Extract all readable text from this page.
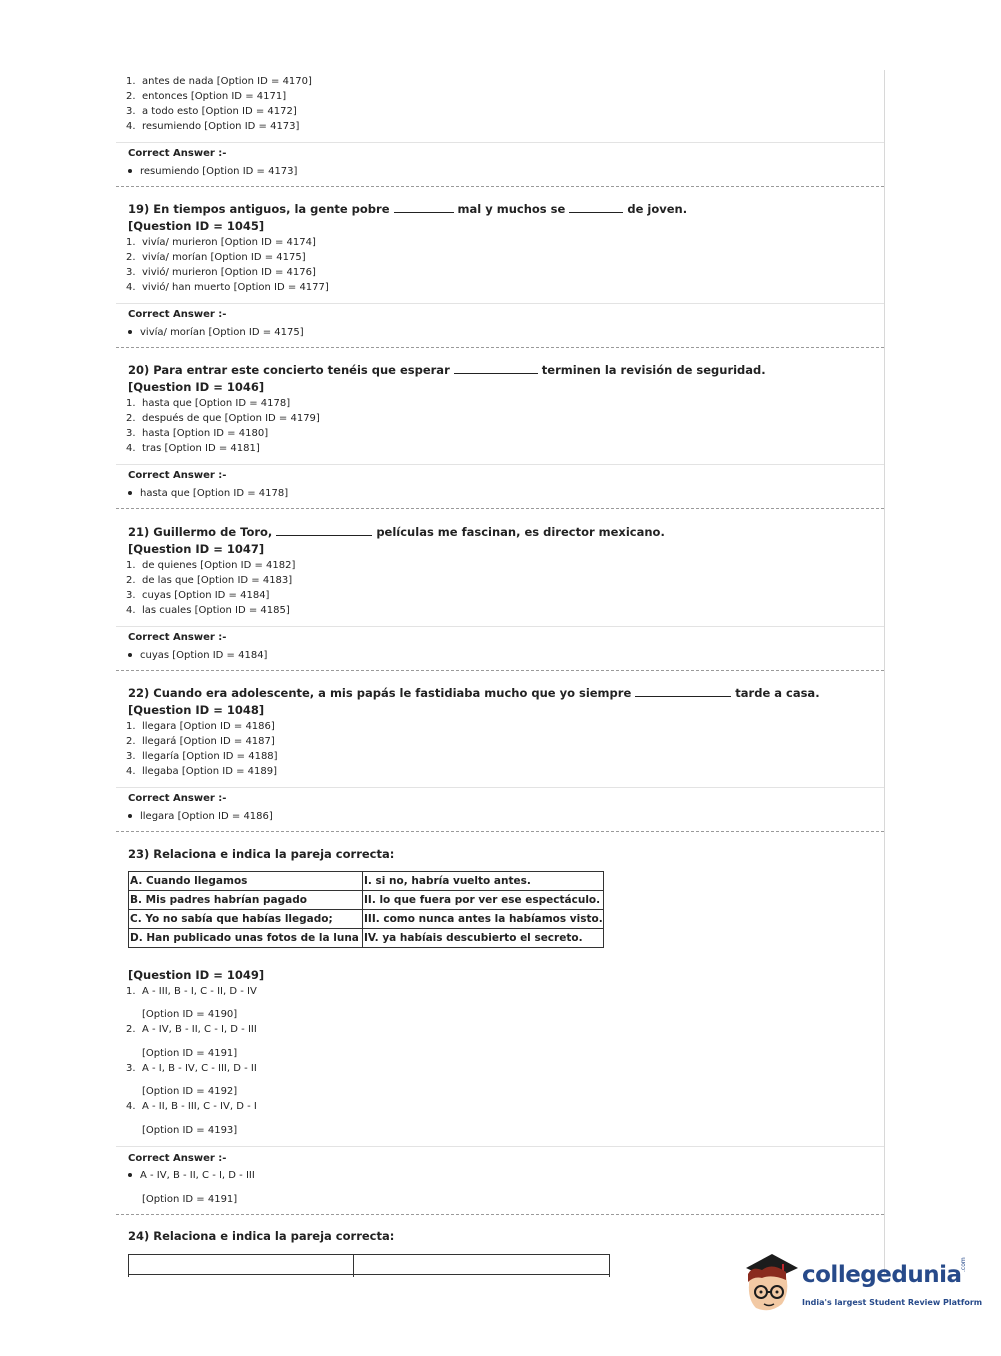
1. antes de nada [Option ID = 4170]
2. entonces [Option ID = 4171]
3. a todo esto [Option ID = 4172]
4. resumiendo [Option ID = 4173]
Correct Answer :-
resumiendo [Option ID = 4173]
19) En tiempos antiguos, la gente pobre	mal y muchos se	de joven.
[Question ID = 1045]
1. vivía/ murieron [Option ID = 4174]
2. vivía/ morían [Option ID = 4175]
3. vivió/ murieron [Option ID = 4176]
4. vivió/ han muerto [Option ID = 4177]
Correct Answer :-
vivía/ morían [Option ID = 4175]
20) Para entrar este concierto tenéis que esperar	terminen la revisión de seguridad.
[Question ID = 1046]
1. hasta que [Option ID = 4178]
2. después de que [Option ID = 4179]
3. hasta [Option ID = 4180]
4. tras [Option ID = 4181]
Correct Answer :-
hasta que [Option ID = 4178]
21) Guillermo de Toro,	películas me fascinan, es director mexicano.
[Question ID = 1047]
1. de quienes [Option ID = 4182]
2. de las que [Option ID = 4183]
3. cuyas [Option ID = 4184]
4. las cuales [Option ID = 4185]
Correct Answer :-
cuyas [Option ID = 4184]
22) Cuando era adolescente, a mis papás le fastidiaba mucho que yo siempre	tarde a casa.
[Question ID = 1048]
1. llegara [Option ID = 4186]
2. llegará [Option ID = 4187]
3. llegaría [Option ID = 4188]
4. llegaba [Option ID = 4189]
Correct Answer :-
llegara [Option ID = 4186]
23) Relaciona e indica la pareja correcta:
A. Cuando llegamos	I. si no, habría vuelto antes.
B. Mis padres habrían pagado	II. lo que fuera por ver ese espectáculo.
C. Yo no sabía que habías llegado;	III. como nunca antes la habíamos visto.
D. Han publicado unas fotos de la luna	IV. ya habíais descubierto el secreto.
[Question ID = 1049]
1. A - III, B - I, C - II, D - IV
[Option ID = 4190]
2. A - IV, B - II, C - I, D - III
[Option ID = 4191]
3. A - I, B - IV, C - III, D - II
[Option ID = 4192]
4. A - II, B - III, C - IV, D - I
[Option ID = 4193]
Correct Answer :-
A - IV, B - II, C - I, D - III
[Option ID = 4191]
24) Relaciona e indica la pareja correcta:
collegedunia
.com
India's largest Student Review Platform
